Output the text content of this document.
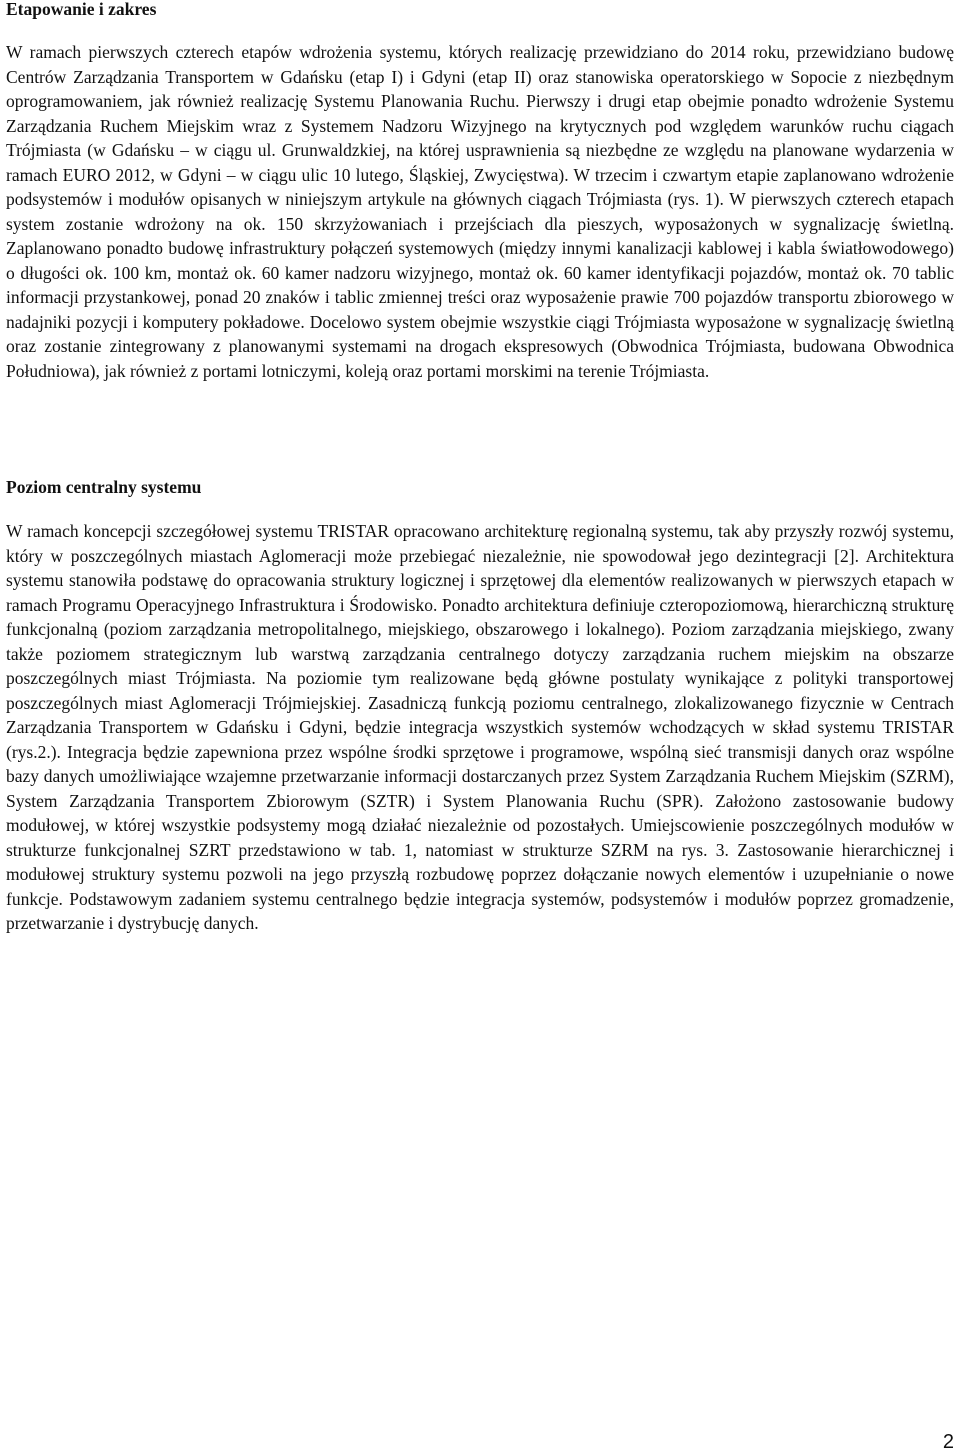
Etapowanie i zakres

W ramach pierwszych czterech etapów wdrożenia systemu, których realizację przewidziano do 2014 roku, przewidziano budowę Centrów Zarządzania Transportem w Gdańsku (etap I) i Gdyni (etap II) oraz stanowiska operatorskiego w Sopocie z niezbędnym oprogramowaniem, jak również realizację Systemu Planowania Ruchu. Pierwszy i drugi etap obejmie ponadto wdrożenie Systemu Zarządzania Ruchem Miejskim wraz z Systemem Nadzoru Wizyjnego na krytycznych pod względem warunków ruchu ciągach Trójmiasta (w Gdańsku – w ciągu ul. Grunwaldzkiej, na której usprawnienia są niezbędne ze względu na planowane wydarzenia w ramach EURO 2012, w Gdyni – w ciągu ulic 10 lutego, Śląskiej, Zwycięstwa). W trzecim i czwartym etapie zaplanowano wdrożenie podsystemów i modułów opisanych w niniejszym artykule na głównych ciągach Trójmiasta (rys. 1). W pierwszych czterech etapach system zostanie wdrożony na ok. 150 skrzyżowaniach i przejściach dla pieszych, wyposażonych w sygnalizację świetlną. Zaplanowano ponadto budowę infrastruktury połączeń systemowych (między innymi kanalizacji kablowej i kabla światłowodowego) o długości ok. 100 km, montaż ok. 60 kamer nadzoru wizyjnego, montaż ok. 60 kamer identyfikacji pojazdów, montaż ok. 70 tablic informacji przystankowej, ponad 20 znaków i tablic zmiennej treści oraz wyposażenie prawie 700 pojazdów transportu zbiorowego w nadajniki pozycji i komputery pokładowe. Docelowo system obejmie wszystkie ciągi Trójmiasta wyposażone w sygnalizację świetlną oraz zostanie zintegrowany z planowanymi systemami na drogach ekspresowych (Obwodnica Trójmiasta, budowana Obwodnica Południowa), jak również z portami lotniczymi, koleją oraz portami morskimi na terenie Trójmiasta.

Poziom centralny systemu

W ramach koncepcji szczegółowej systemu TRISTAR opracowano architekturę regionalną systemu, tak aby przyszły rozwój systemu, który w poszczególnych miastach Aglomeracji może przebiegać niezależnie, nie spowodował jego dezintegracji [2]. Architektura systemu stanowiła podstawę do opracowania struktury logicznej i sprzętowej dla elementów realizowanych w pierwszych etapach w ramach Programu Operacyjnego Infrastruktura i Środowisko. Ponadto architektura definiuje czteropoziomową, hierarchiczną strukturę funkcjonalną (poziom zarządzania metropolitalnego, miejskiego, obszarowego i lokalnego). Poziom zarządzania miejskiego, zwany także poziomem strategicznym lub warstwą zarządzania centralnego dotyczy zarządzania ruchem miejskim na obszarze poszczególnych miast Trójmiasta. Na poziomie tym realizowane będą główne postulaty wynikające z polityki transportowej poszczególnych miast Aglomeracji Trójmiejskiej. Zasadniczą funkcją poziomu centralnego, zlokalizowanego fizycznie w Centrach Zarządzania Transportem w Gdańsku i Gdyni, będzie integracja wszystkich systemów wchodzących w skład systemu TRISTAR (rys.2.). Integracja będzie zapewniona przez wspólne środki sprzętowe i programowe, wspólną sieć transmisji danych oraz wspólne bazy danych umożliwiające wzajemne przetwarzanie informacji dostarczanych przez System Zarządzania Ruchem Miejskim (SZRM), System Zarządzania Transportem Zbiorowym (SZTR) i System Planowania Ruchu (SPR). Założono zastosowanie budowy modułowej, w której wszystkie podsystemy mogą działać niezależnie od pozostałych. Umiejscowienie poszczególnych modułów w strukturze funkcjonalnej SZRT przedstawiono w tab. 1, natomiast w strukturze SZRM na rys. 3. Zastosowanie hierarchicznej i modułowej struktury systemu pozwoli na jego przyszłą rozbudowę poprzez dołączanie nowych elementów i uzupełnianie o nowe funkcje. Podstawowym zadaniem systemu centralnego będzie integracja systemów, podsystemów i modułów poprzez gromadzenie, przetwarzanie i dystrybucję danych.

2
